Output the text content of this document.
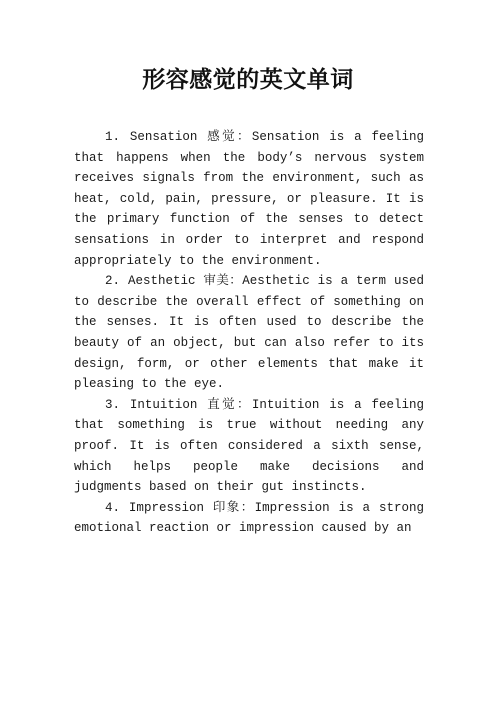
形容感觉的英文单词

1. Sensation 感觉：Sensation is a feeling that happens when the body’s nervous system receives signals from the environment, such as heat, cold, pain, pressure, or pleasure. It is the primary function of the senses to detect sensations in order to interpret and respond appropriately to the environment.

2. Aesthetic 审美：Aesthetic is a term used to describe the overall effect of something on the senses. It is often used to describe the beauty of an object, but can also refer to its design, form, or other elements that make it pleasing to the eye.

3. Intuition 直觉：Intuition is a feeling that something is true without needing any proof. It is often considered a sixth sense, which helps people make decisions and judgments based on their gut instincts.

4. Impression 印象：Impression is a strong emotional reaction or impression caused by an
